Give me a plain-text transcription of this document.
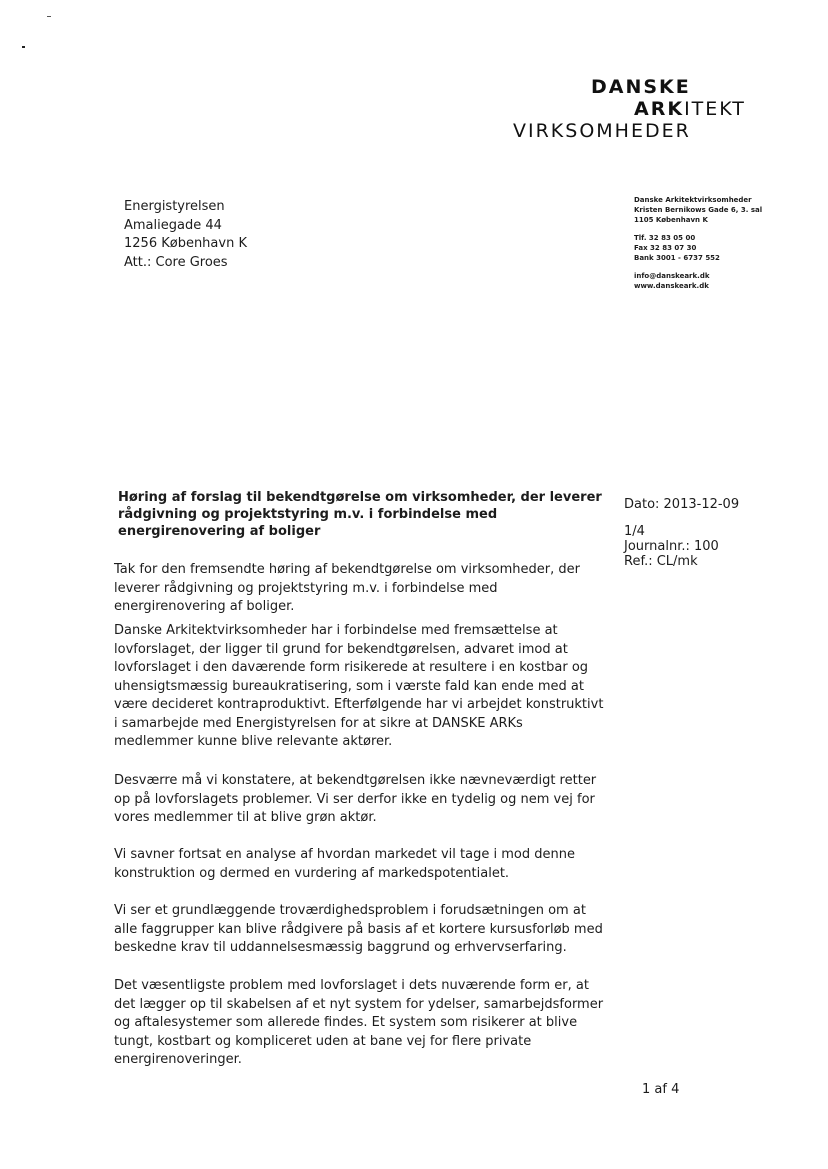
DANSKE
ARKITEKT
VIRKSOMHEDER
Energistyrelsen
Amaliegade 44
1256 København K
Att.: Core Groes
Danske Arkitektvirksomheder
Kristen Bernikows Gade 6, 3. sal
1105 København K
Tlf. 32 83 05 00
Fax 32 83 07 30
Bank 3001 - 6737 552
info@danskeark.dk
www.danskeark.dk
Høring af forslag til bekendtgørelse om virksomheder, der leverer rådgivning og projektstyring m.v. i forbindelse med energirenovering af boliger
Dato: 2013-12-09
1/4
Journalnr.: 100
Ref.: CL/mk
Tak for den fremsendte høring af bekendtgørelse om virksomheder, der leverer rådgivning og projektstyring m.v. i forbindelse med energirenovering af boliger.
Danske Arkitektvirksomheder har i forbindelse med fremsættelse at lovforslaget, der ligger til grund for bekendtgørelsen, advaret imod at lovforslaget i den daværende form risikerede at resultere i en kostbar og uhensigtsmæssig bureaukratisering, som i værste fald kan ende med at være decideret kontraproduktivt. Efterfølgende har vi arbejdet konstruktivt i samarbejde med Energistyrelsen for at sikre at DANSKE ARKs medlemmer kunne blive relevante aktører.
Desværre må vi konstatere, at bekendtgørelsen ikke nævneværdigt retter op på lovforslagets problemer. Vi ser derfor ikke en tydelig og nem vej for vores medlemmer til at blive grøn aktør.
Vi savner fortsat en analyse af hvordan markedet vil tage i mod denne konstruktion og dermed en vurdering af markedspotentialet.
Vi ser et grundlæggende troværdighedsproblem i forudsætningen om at alle faggrupper kan blive rådgivere på basis af et kortere kursusforløb med beskedne krav til uddannelsesmæssig baggrund og erhvervserfaring.
Det væsentligste problem med lovforslaget i dets nuværende form er, at det lægger op til skabelsen af et nyt system for ydelser, samarbejdsformer og aftalesystemer som allerede findes. Et system som risikerer at blive tungt, kostbart og kompliceret uden at bane vej for flere private energirenoveringer.
1 af 4
